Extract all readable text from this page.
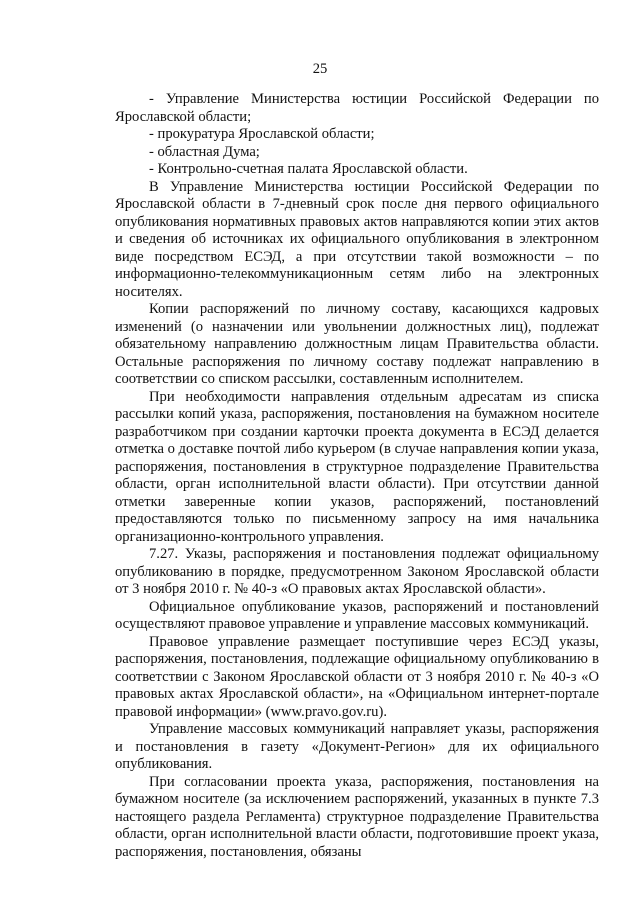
25

- Управление Министерства юстиции Российской Федерации по Ярославской области;

- прокуратура Ярославской области;

- областная Дума;

- Контрольно-счетная палата Ярославской области.

В Управление Министерства юстиции Российской Федерации по Ярославской области в 7-дневный срок после дня первого официального опубликования нормативных правовых актов направляются копии этих актов и сведения об источниках их официального опубликования в электронном виде посредством ЕСЭД, а при отсутствии такой возможности – по информационно-телекоммуникационным сетям либо на электронных носителях.

Копии распоряжений по личному составу, касающихся кадровых изменений (о назначении или увольнении должностных лиц), подлежат обязательному направлению должностным лицам Правительства области. Остальные распоряжения по личному составу подлежат направлению в соответствии со списком рассылки, составленным исполнителем.

При необходимости направления отдельным адресатам из списка рассылки копий указа, распоряжения, постановления на бумажном носителе разработчиком при создании карточки проекта документа в ЕСЭД делается отметка о доставке почтой либо курьером (в случае направления копии указа, распоряжения, постановления в структурное подразделение Правительства области, орган исполнительной власти области). При отсутствии данной отметки заверенные копии указов, распоряжений, постановлений предоставляются только по письменному запросу на имя начальника организационно-контрольного управления.

7.27. Указы, распоряжения и постановления подлежат официальному опубликованию в порядке, предусмотренном Законом Ярославской области от 3 ноября 2010 г. № 40-з «О правовых актах Ярославской области».

Официальное опубликование указов, распоряжений и постановлений осуществляют правовое управление и управление массовых коммуникаций.

Правовое управление размещает поступившие через ЕСЭД указы, распоряжения, постановления, подлежащие официальному опубликованию в соответствии с Законом Ярославской области от 3 ноября 2010 г. № 40-з «О правовых актах Ярославской области», на «Официальном интернет-портале правовой информации» (www.pravo.gov.ru).

Управление массовых коммуникаций направляет указы, распоряжения и постановления в газету «Документ-Регион» для их официального опубликования.

При согласовании проекта указа, распоряжения, постановления на бумажном носителе (за исключением распоряжений, указанных в пункте 7.3 настоящего раздела Регламента) структурное подразделение Правительства области, орган исполнительной власти области, подготовившие проект указа, распоряжения, постановления, обязаны
